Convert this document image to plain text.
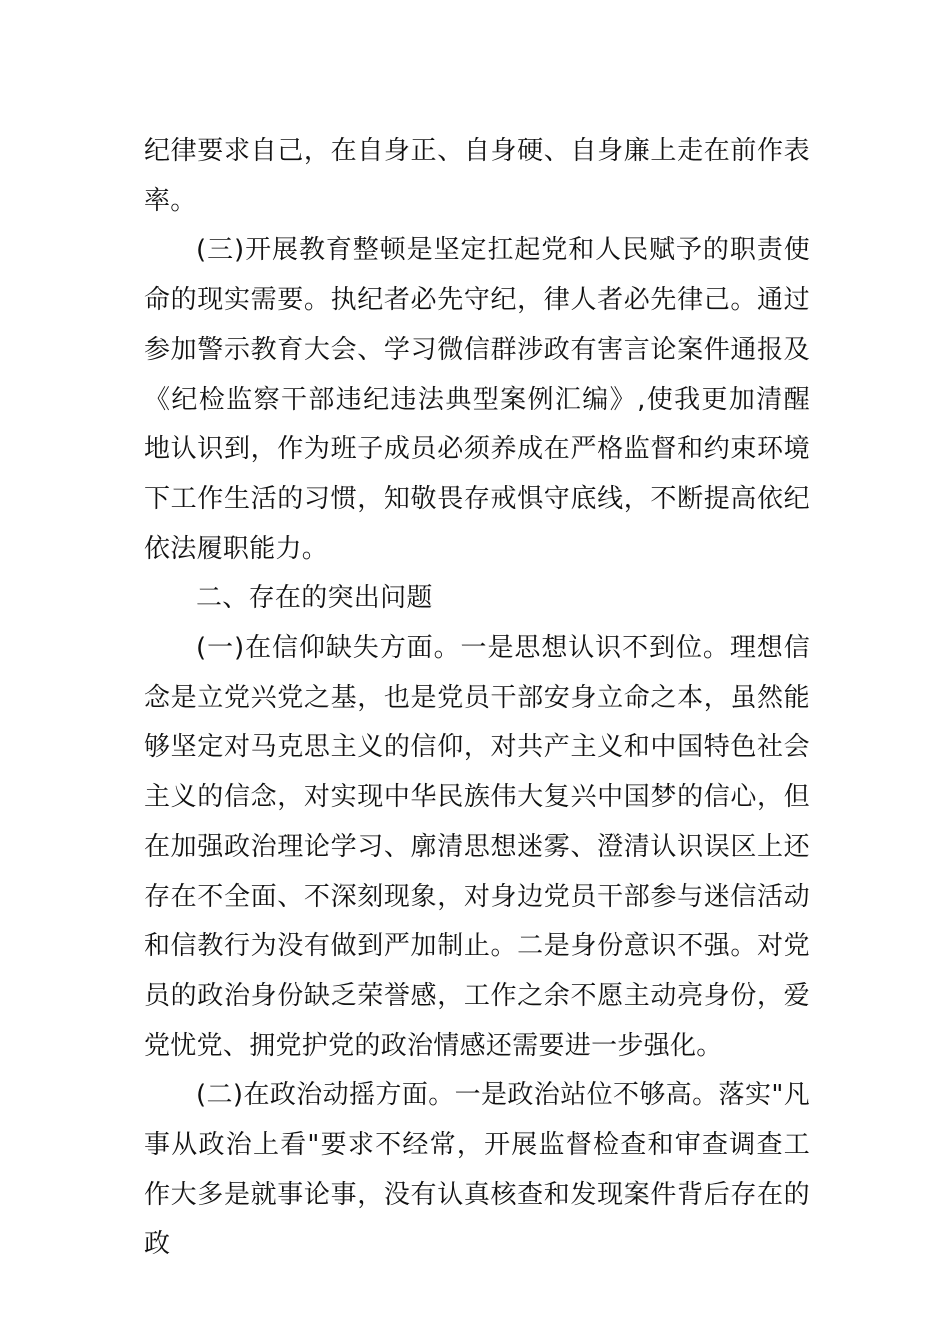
纪律要求自己，在自身正、自身硬、自身廉上走在前作表率。

(三)开展教育整顿是坚定扛起党和人民赋予的职责使命的现实需要。执纪者必先守纪，律人者必先律己。通过参加警示教育大会、学习微信群涉政有害言论案件通报及《纪检监察干部违纪违法典型案例汇编》,使我更加清醒地认识到，作为班子成员必须养成在严格监督和约束环境下工作生活的习惯，知敬畏存戒惧守底线，不断提高依纪依法履职能力。

二、存在的突出问题

(一)在信仰缺失方面。一是思想认识不到位。理想信念是立党兴党之基，也是党员干部安身立命之本，虽然能够坚定对马克思主义的信仰，对共产主义和中国特色社会主义的信念，对实现中华民族伟大复兴中国梦的信心，但在加强政治理论学习、廓清思想迷雾、澄清认识误区上还存在不全面、不深刻现象，对身边党员干部参与迷信活动和信教行为没有做到严加制止。二是身份意识不强。对党员的政治身份缺乏荣誉感，工作之余不愿主动亮身份，爱党忧党、拥党护党的政治情感还需要进一步强化。

(二)在政治动摇方面。一是政治站位不够高。落实"凡事从政治上看"要求不经常，开展监督检查和审查调查工作大多是就事论事，没有认真核查和发现案件背后存在的政
